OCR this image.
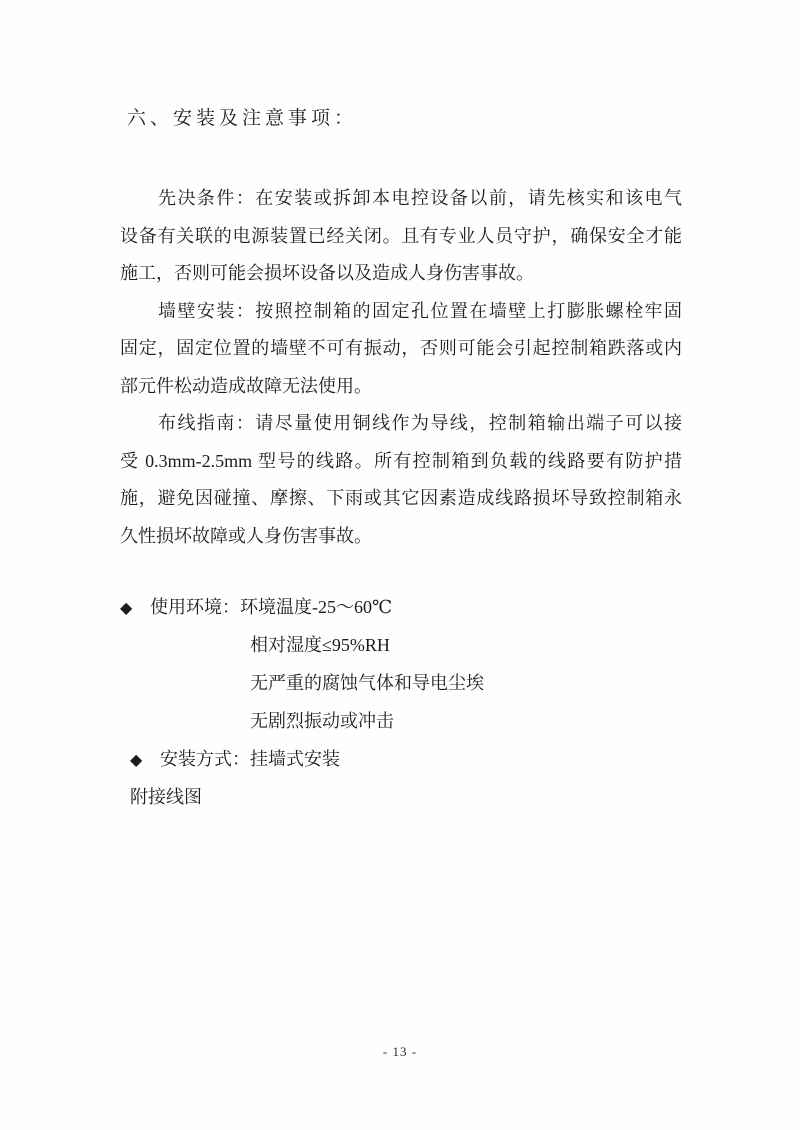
六、安装及注意事项：
先决条件：在安装或拆卸本电控设备以前，请先核实和该电气
设备有关联的电源装置已经关闭。且有专业人员守护，确保安全才能
施工，否则可能会损坏设备以及造成人身伤害事故。
墙壁安装：按照控制箱的固定孔位置在墙壁上打膨胀螺栓牢固
固定，固定位置的墙壁不可有振动，否则可能会引起控制箱跌落或内
部元件松动造成故障无法使用。
布线指南：请尽量使用铜线作为导线，控制箱输出端子可以接
受 0.3mm-2.5mm 型号的线路。所有控制箱到负载的线路要有防护措
施，避免因碰撞、摩擦、下雨或其它因素造成线路损坏导致控制箱永
久性损坏故障或人身伤害事故。
◆ 使用环境：环境温度-25～60℃
相对湿度≤95%RH
无严重的腐蚀气体和导电尘埃
无剧烈振动或冲击
◆ 安装方式：挂墙式安装
附接线图
- 13 -
